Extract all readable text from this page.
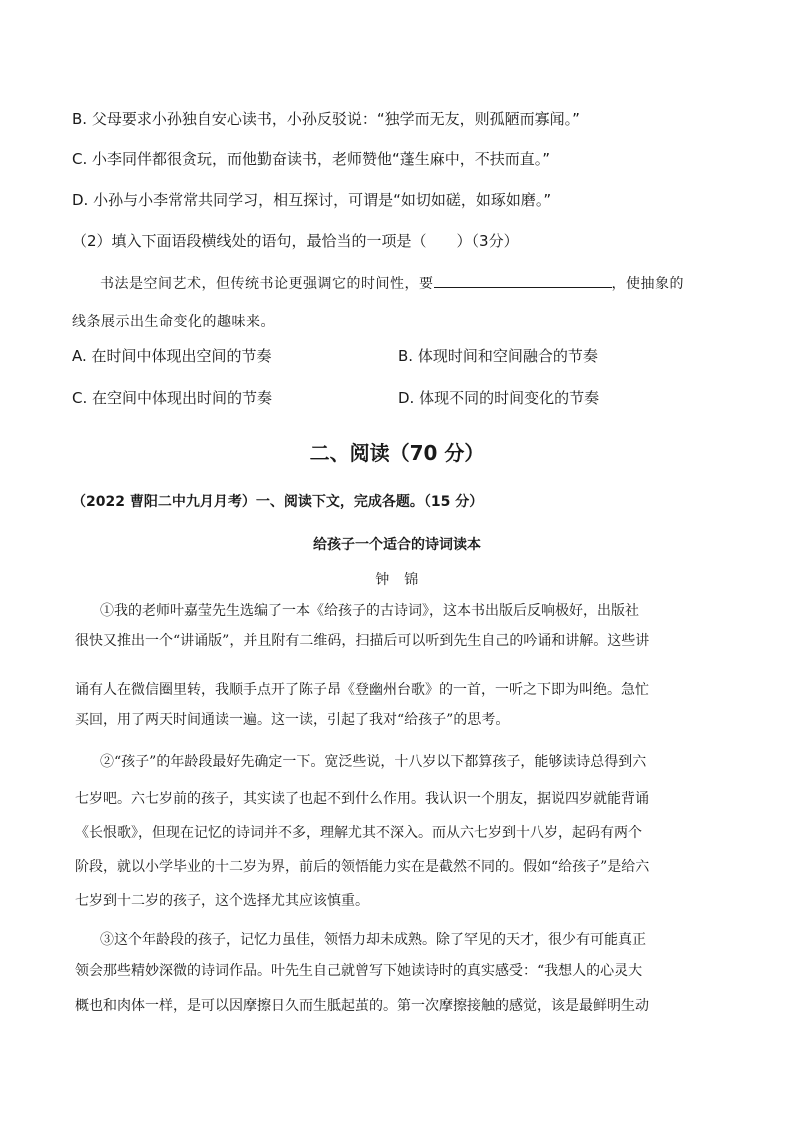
B. 父母要求小孙独自安心读书，小孙反驳说：“独学而无友，则孤陋而寡闻。”
C. 小李同伴都很贪玩，而他勤奋读书，老师赞他“蓬生麻中，不扶而直。”
D. 小孙与小李常常共同学习，相互探讨，可谓是“如切如磋，如琢如磨。”
（2）填入下面语段横线处的语句，最恰当的一项是（　　）（3分）
书法是空间艺术，但传统书论更强调它的时间性，要	，使抽象的
线条展示出生命变化的趣味来。
A. 在时间中体现出空间的节奏	B. 体现时间和空间融合的节奏
C. 在空间中体现出时间的节奏	D. 体现不同的时间变化的节奏
二、阅读（70 分）
（2022 曹阳二中九月月考）一、阅读下文，完成各题。（15 分）
给孩子一个适合的诗词读本
钟　锦
①我的老师叶嘉莹先生选编了一本《给孩子的古诗词》，这本书出版后反响极好，出版社
很快又推出一个“讲诵版”，并且附有二维码，扫描后可以听到先生自己的吟诵和讲解。这些讲
诵有人在微信圈里转，我顺手点开了陈子昂《登幽州台歌》的一首，一听之下即为叫绝。急忙
买回，用了两天时间通读一遍。这一读，引起了我对“给孩子”的思考。
②“孩子”的年龄段最好先确定一下。宽泛些说，十八岁以下都算孩子，能够读诗总得到六
七岁吧。六七岁前的孩子，其实读了也起不到什么作用。我认识一个朋友，据说四岁就能背诵
《长恨歌》，但现在记忆的诗词并不多，理解尤其不深入。而从六七岁到十八岁，起码有两个
阶段，就以小学毕业的十二岁为界，前后的领悟能力实在是截然不同的。假如“给孩子”是给六
七岁到十二岁的孩子，这个选择尤其应该慎重。
③这个年龄段的孩子，记忆力虽佳，领悟力却未成熟。除了罕见的天才，很少有可能真正
领会那些精妙深微的诗词作品。叶先生自己就曾写下她读诗时的真实感受：“我想人的心灵大
概也和肉体一样，是可以因摩擦日久而生胝起茧的。第一次摩擦接触的感觉，该是最鲜明生动
